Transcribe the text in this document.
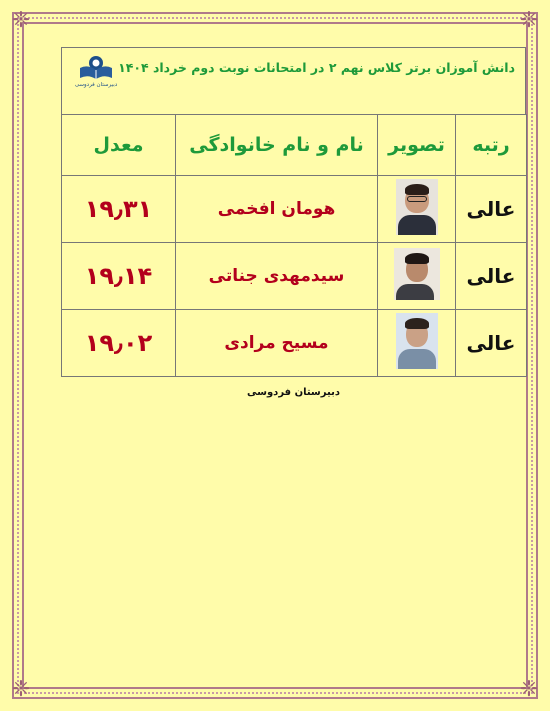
❈	❈
❈	❈
دبیرستان فردوسی
دانش آموزان برتر کلاس نهم ۲ در امتحانات نوبت دوم خرداد ۱۴۰۴
معدل	نام و نام خانوادگی	تصویر	رتبه
۱۹٫۳۱	هومان افخمی		عالی
۱۹٫۱۴	سیدمهدی جناتی		عالی
۱۹٫۰۲	مسیح مرادی		عالی
دبیرستان فردوسی
